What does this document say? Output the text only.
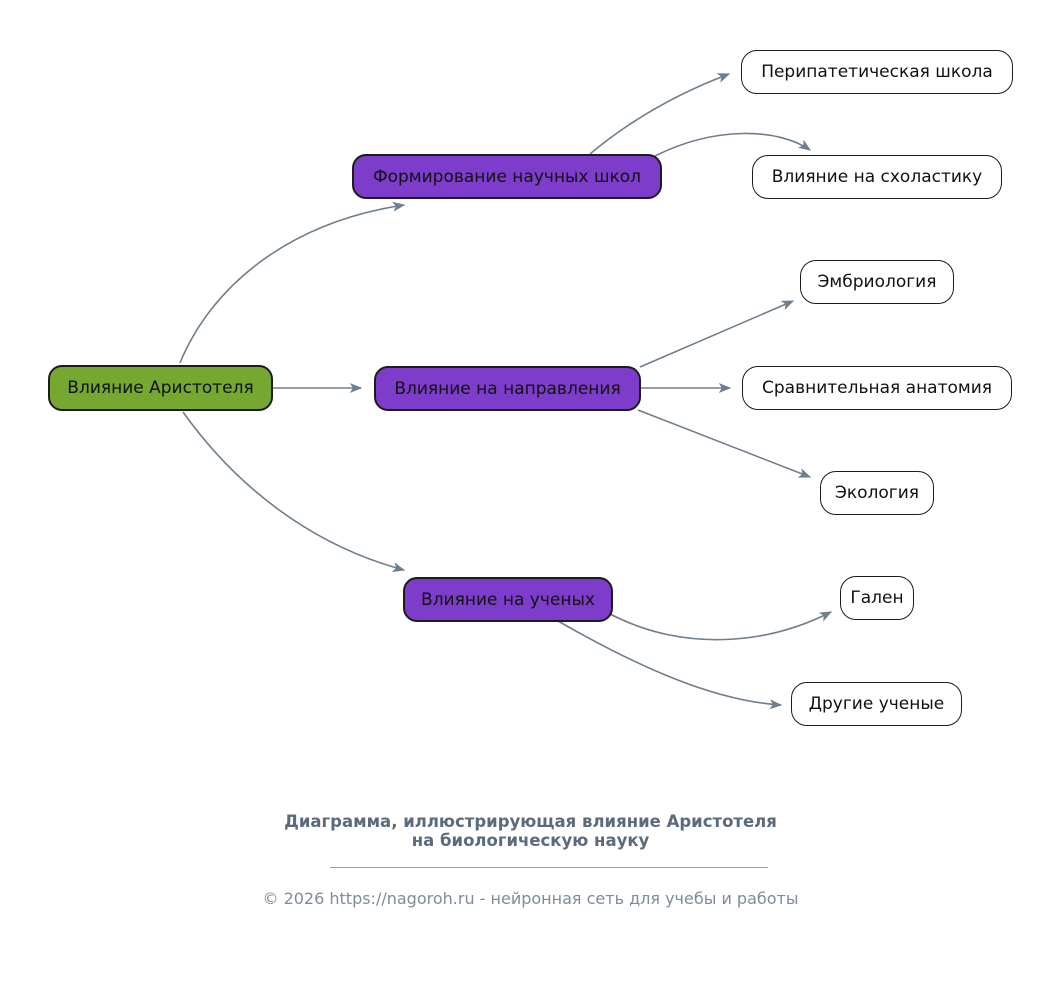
Влияние Аристотеля
Формирование научных школ
Влияние на направления
Влияние на ученых
Перипатетическая школа
Влияние на схоластику
Эмбриология
Сравнительная анатомия
Экология
Гален
Другие ученые
Диаграмма, иллюстрирующая влияние Аристотеля
на биологическую науку
© 2026 https://nagoroh.ru - нейронная сеть для учебы и работы
